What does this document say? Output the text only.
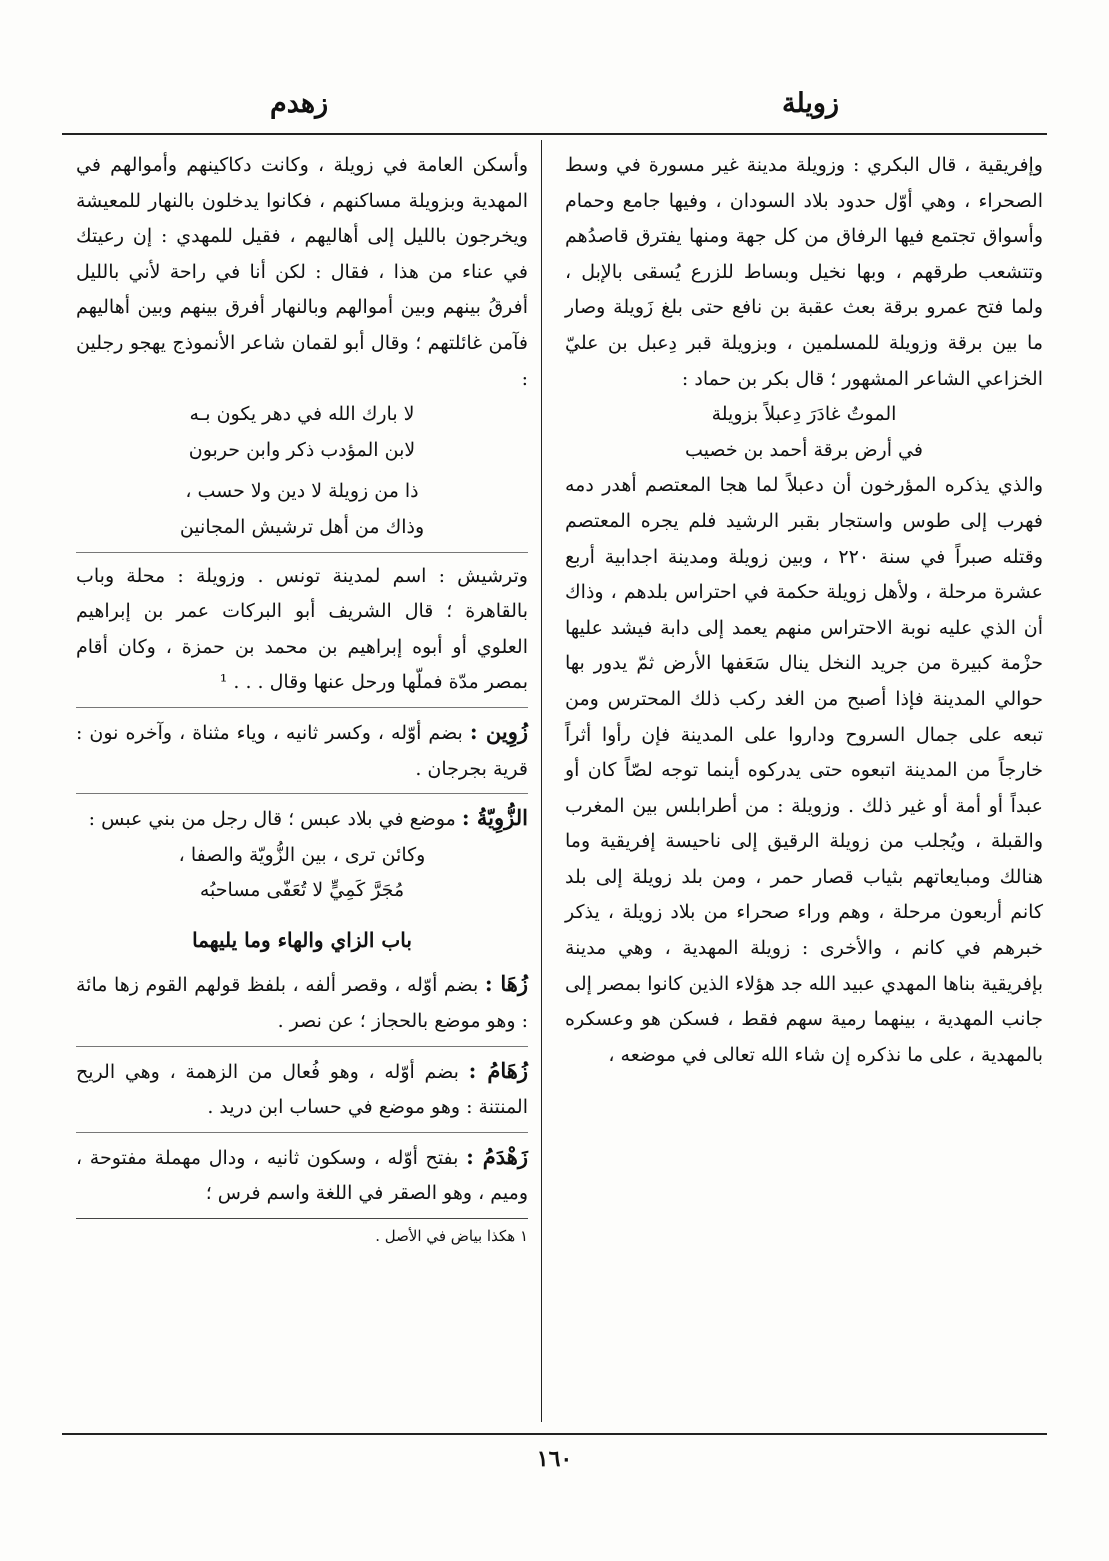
زويلة
زهدم

وإفريقية ، قال البكري : وزويلة مدينة غير مسورة في وسط الصحراء ، وهي أوّل حدود بلاد السودان ، وفيها جامع وحمام وأسواق تجتمع فيها الرفاق من كل جهة ومنها يفترق قاصدُهم وتتشعب طرقهم ، وبها نخيل وبساط للزرع يُسقى بالإبل ، ولما فتح عمرو برقة بعث عقبة بن نافع حتى بلغ زَويلة وصار ما بين برقة وزويلة للمسلمين ، وبزويلة قبر دِعبل بن عليّ الخزاعي الشاعر المشهور ؛ قال بكر بن حماد :

الموتُ غادَرَ دِعبلاً بزويلة

في أرض برقة أحمد بن خصيب

والذي يذكره المؤرخون أن دعبلاً لما هجا المعتصم أهدر دمه فهرب إلى طوس واستجار بقبر الرشيد فلم يجره المعتصم وقتله صبراً في سنة ٢٢٠ ، وبين زويلة ومدينة اجدابية أربع عشرة مرحلة ، ولأهل زويلة حكمة في احتراس بلدهم ، وذاك أن الذي عليه نوبة الاحتراس منهم يعمد إلى دابة فيشد عليها حزْمة كبيرة من جريد النخل ينال سَعَفها الأرض ثمّ يدور بها حوالي المدينة فإذا أصبح من الغد ركب ذلك المحترس ومن تبعه على جمال السروح وداروا على المدينة فإن رأوا أثراً خارجاً من المدينة اتبعوه حتى يدركوه أينما توجه لصّاً كان أو عبداً أو أمة أو غير ذلك . وزويلة : من أطرابلس بين المغرب والقبلة ، ويُجلب من زويلة الرقيق إلى ناحيسة إفريقية وما هنالك ومبايعاتهم بثياب قصار حمر ، ومن بلد زويلة إلى بلد كانم أربعون مرحلة ، وهم وراء صحراء من بلاد زويلة ، يذكر خبرهم في كانم ، والأخرى : زويلة المهدية ، وهي مدينة بإفريقية بناها المهدي عبيد الله جد هؤلاء الذين كانوا بمصر إلى جانب المهدية ، بينهما رمية سهم فقط ، فسكن هو وعسكره بالمهدية ، على ما نذكره إن شاء الله تعالى في موضعه ،

وأسكن العامة في زويلة ، وكانت دكاكينهم وأموالهم في المهدية وبزويلة مساكنهم ، فكانوا يدخلون بالنهار للمعيشة ويخرجون بالليل إلى أهاليهم ، فقيل للمهدي : إن رعيتك في عناء من هذا ، فقال : لكن أنا في راحة لأني بالليل أفرقُ بينهم وبين أموالهم وبالنهار أفرق بينهم وبين أهاليهم فآمن غائلتهم ؛ وقال أبو لقمان شاعر الأنموذج يهجو رجلين :

لا بارك الله في دهر يكون بـه

لابن المؤدب ذكر وابن حربون

ذا من زويلة لا دين ولا حسب ،

وذاك من أهل ترشيش المجانين

وترشيش : اسم لمدينة تونس . وزويلة : محلة وباب بالقاهرة ؛ قال الشريف أبو البركات عمر بن إبراهيم العلوي أو أبوه إبراهيم بن محمد بن حمزة ، وكان أقام بمصر مدّة فملّها ورحل عنها وقال . . . ¹

زُوِين : بضم أوّله ، وكسر ثانيه ، وياء مثناة ، وآخره نون : قرية بجرجان .

الزُّوِيّةُ : موضع في بلاد عبس ؛ قال رجل من بني عبس :

وكائن ترى ، بين الزُّويّة والصفا ،

مُجَرَّ كَمِيٍّ لا تُعَفّى مساحبُه

باب الزاي والهاء وما يليهما

زُهَا : بضم أوّله ، وقصر ألفه ، بلفظ قولهم القوم زها مائة : وهو موضع بالحجاز ؛ عن نصر .

زُهَامُ : بضم أوّله ، وهو فُعال من الزهمة ، وهي الريح المنتنة : وهو موضع في حساب ابن دريد .

زَهْدَمُ : بفتح أوّله ، وسكون ثانيه ، ودال مهملة مفتوحة ، وميم ، وهو الصقر في اللغة واسم فرس ؛

١ هكذا بياض في الأصل .

١٦٠
